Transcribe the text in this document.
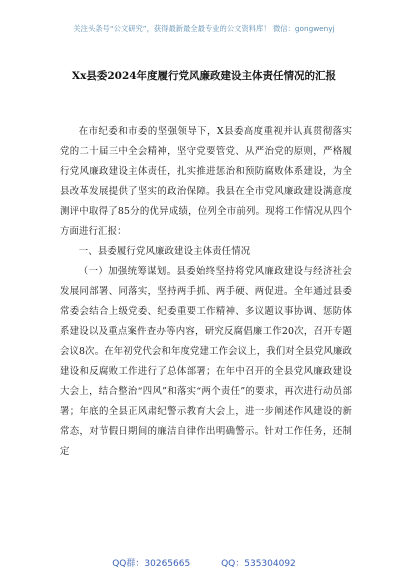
关注头条号“公文研究”，获得最新最全最专业的公文资料库！ 微信：gongwenyj
Xx县委2024年度履行党风廉政建设主体责任情况的汇报

在市纪委和市委的坚强领导下，X县委高度重视并认真贯彻落实党的二十届三中全会精神，坚守党要管党、从严治党的原则，严格履行党风廉政建设主体责任，扎实推进惩治和预防腐败体系建设，为全县改革发展提供了坚实的政治保障。我县在全市党风廉政建设满意度测评中取得了85分的优异成绩，位列全市前列。现将工作情况从四个方面进行汇报：

一、县委履行党风廉政建设主体责任情况

（一）加强统筹谋划。县委始终坚持将党风廉政建设与经济社会发展同部署、同落实，坚持两手抓、两手硬、两促进。全年通过县委常委会结合上级党委、纪委重要工作精神、多议题议事协调、惩防体系建设以及重点案件查办等内容，研究反腐倡廉工作20次，召开专题会议8次。在年初党代会和年度党建工作会议上，我们对全县党风廉政建设和反腐败工作进行了总体部署；在年中召开的全县党风廉政建设大会上，结合整治“四风”和落实“两个责任”的要求，再次进行动员部署；年底的全县正风肃纪警示教育大会上，进一步阐述作风建设的新常态，对节假日期间的廉洁自律作出明确警示。针对工作任务，还制定

QQ群：30265665	QQ：535304092
